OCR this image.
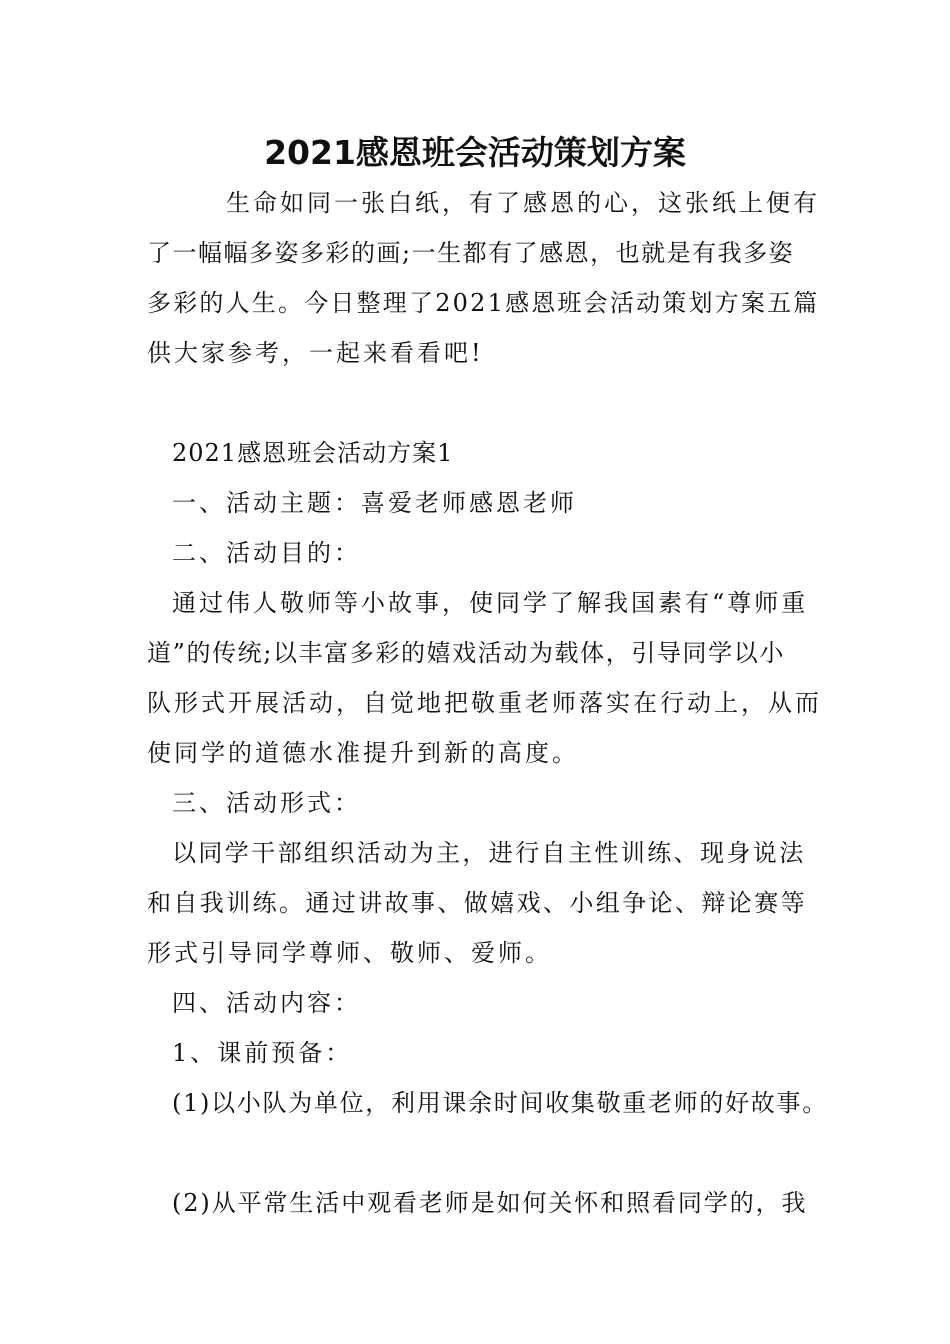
2021感恩班会活动策划方案
生命如同一张白纸，有了感恩的心，这张纸上便有
了一幅幅多姿多彩的画;一生都有了感恩，也就是有我多姿
多彩的人生。今日整理了2021感恩班会活动策划方案五篇
供大家参考，一起来看看吧!
2021感恩班会活动方案1
一、活动主题：喜爱老师感恩老师
二、活动目的：
通过伟人敬师等小故事，使同学了解我国素有“尊师重
道”的传统;以丰富多彩的嬉戏活动为载体，引导同学以小
队形式开展活动，自觉地把敬重老师落实在行动上，从而
使同学的道德水准提升到新的高度。
三、活动形式：
以同学干部组织活动为主，进行自主性训练、现身说法
和自我训练。通过讲故事、做嬉戏、小组争论、辩论赛等
形式引导同学尊师、敬师、爱师。
四、活动内容：
1、课前预备：
(1)以小队为单位，利用课余时间收集敬重老师的好故事。
(2)从平常生活中观看老师是如何关怀和照看同学的，我
